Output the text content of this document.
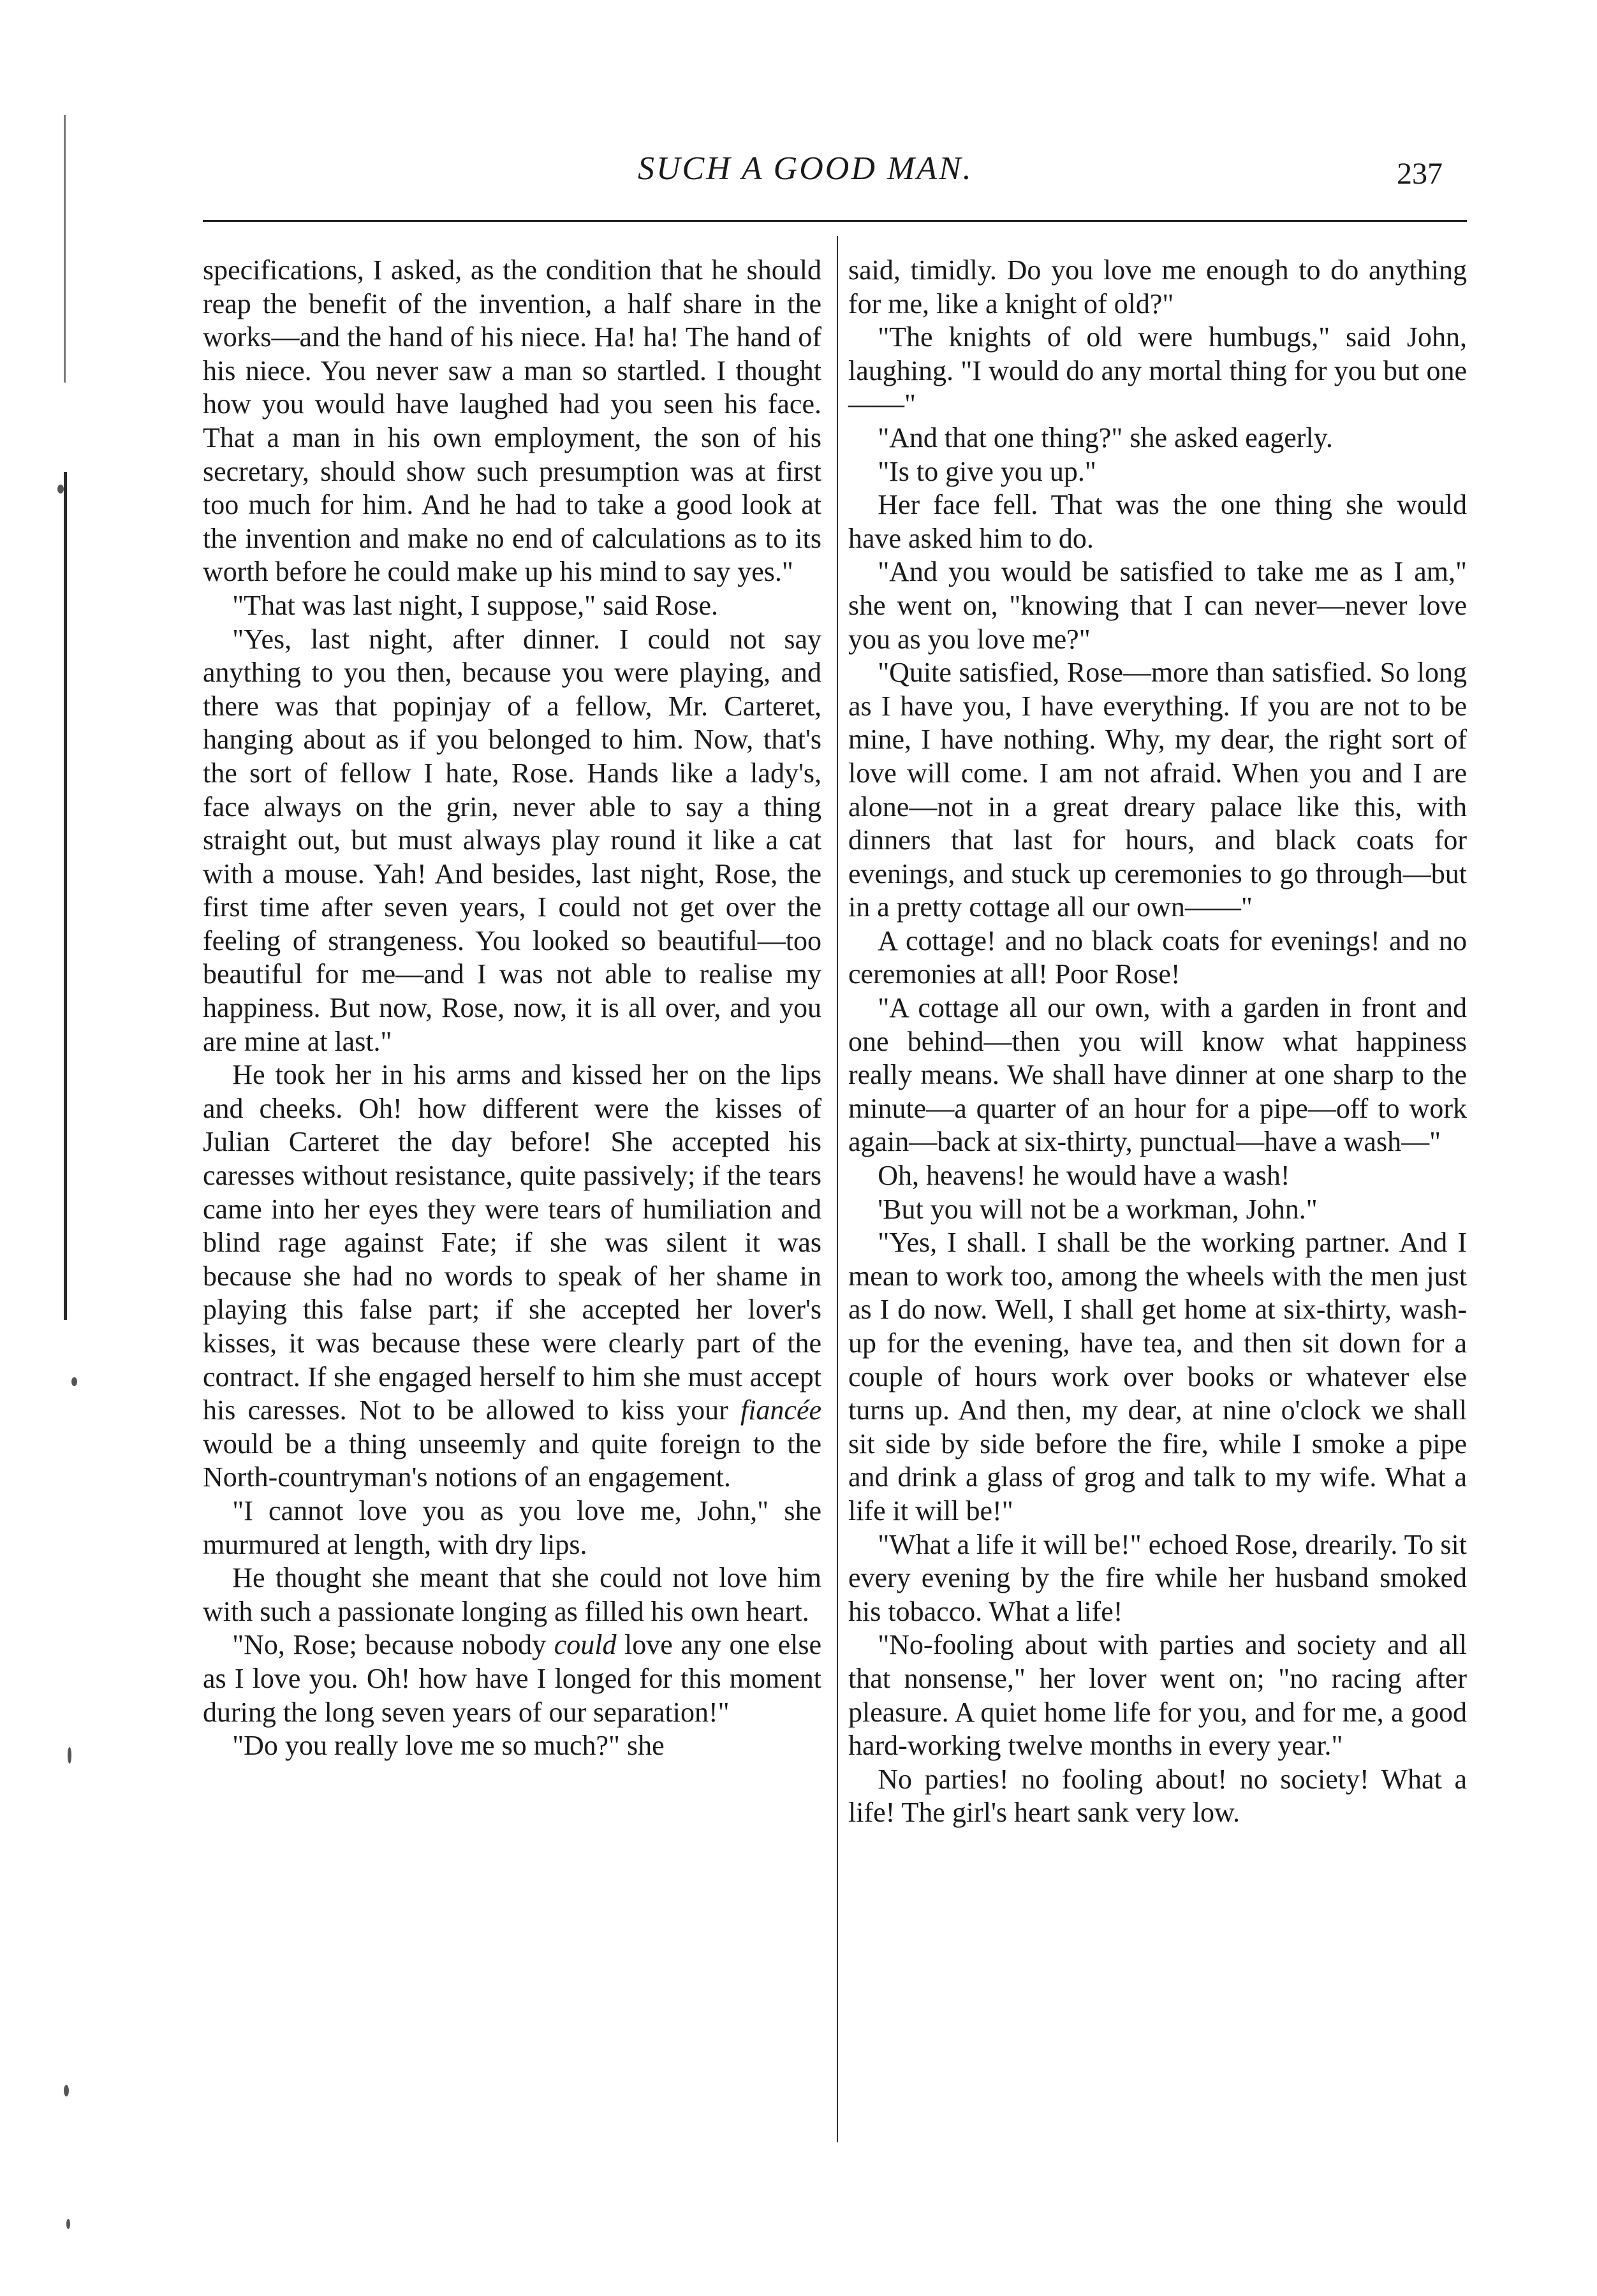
SUCH A GOOD MAN.	237

specifications, I asked, as the condition that he should reap the benefit of the invention, a half share in the works—and the hand of his niece. Ha! ha! The hand of his niece. You never saw a man so startled. I thought how you would have laughed had you seen his face. That a man in his own employment, the son of his secretary, should show such presumption was at first too much for him. And he had to take a good look at the invention and make no end of calculations as to its worth before he could make up his mind to say yes."

"That was last night, I suppose," said Rose.

"Yes, last night, after dinner. I could not say anything to you then, because you were playing, and there was that popinjay of a fellow, Mr. Carteret, hanging about as if you belonged to him. Now, that's the sort of fellow I hate, Rose. Hands like a lady's, face always on the grin, never able to say a thing straight out, but must always play round it like a cat with a mouse. Yah! And besides, last night, Rose, the first time after seven years, I could not get over the feeling of strangeness. You looked so beautiful—too beautiful for me—and I was not able to realise my happiness. But now, Rose, now, it is all over, and you are mine at last."

He took her in his arms and kissed her on the lips and cheeks. Oh! how different were the kisses of Julian Carteret the day before! She accepted his caresses without resistance, quite passively; if the tears came into her eyes they were tears of humiliation and blind rage against Fate; if she was silent it was because she had no words to speak of her shame in playing this false part; if she accepted her lover's kisses, it was because these were clearly part of the contract. If she engaged herself to him she must accept his caresses. Not to be allowed to kiss your fiancée would be a thing unseemly and quite foreign to the North-countryman's notions of an engagement.

"I cannot love you as you love me, John," she murmured at length, with dry lips.

He thought she meant that she could not love him with such a passionate longing as filled his own heart.

"No, Rose; because nobody could love any one else as I love you. Oh! how have I longed for this moment during the long seven years of our separation!"

"Do you really love me so much?" she

said, timidly. Do you love me enough to do anything for me, like a knight of old?"

"The knights of old were humbugs," said John, laughing. "I would do any mortal thing for you but one——"

"And that one thing?" she asked eagerly.

"Is to give you up."

Her face fell. That was the one thing she would have asked him to do.

"And you would be satisfied to take me as I am," she went on, "knowing that I can never—never love you as you love me?"

"Quite satisfied, Rose—more than satisfied. So long as I have you, I have everything. If you are not to be mine, I have nothing. Why, my dear, the right sort of love will come. I am not afraid. When you and I are alone—not in a great dreary palace like this, with dinners that last for hours, and black coats for evenings, and stuck up ceremonies to go through—but in a pretty cottage all our own——"

A cottage! and no black coats for evenings! and no ceremonies at all! Poor Rose!

"A cottage all our own, with a garden in front and one behind—then you will know what happiness really means. We shall have dinner at one sharp to the minute—a quarter of an hour for a pipe—off to work again—back at six-thirty, punctual—have a wash—"

Oh, heavens! he would have a wash!

'But you will not be a workman, John."

"Yes, I shall. I shall be the working partner. And I mean to work too, among the wheels with the men just as I do now. Well, I shall get home at six-thirty, wash-up for the evening, have tea, and then sit down for a couple of hours work over books or whatever else turns up. And then, my dear, at nine o'clock we shall sit side by side before the fire, while I smoke a pipe and drink a glass of grog and talk to my wife. What a life it will be!"

"What a life it will be!" echoed Rose, drearily. To sit every evening by the fire while her husband smoked his tobacco. What a life!

"No-fooling about with parties and society and all that nonsense," her lover went on; "no racing after pleasure. A quiet home life for you, and for me, a good hard-working twelve months in every year."

No parties! no fooling about! no society! What a life! The girl's heart sank very low.
